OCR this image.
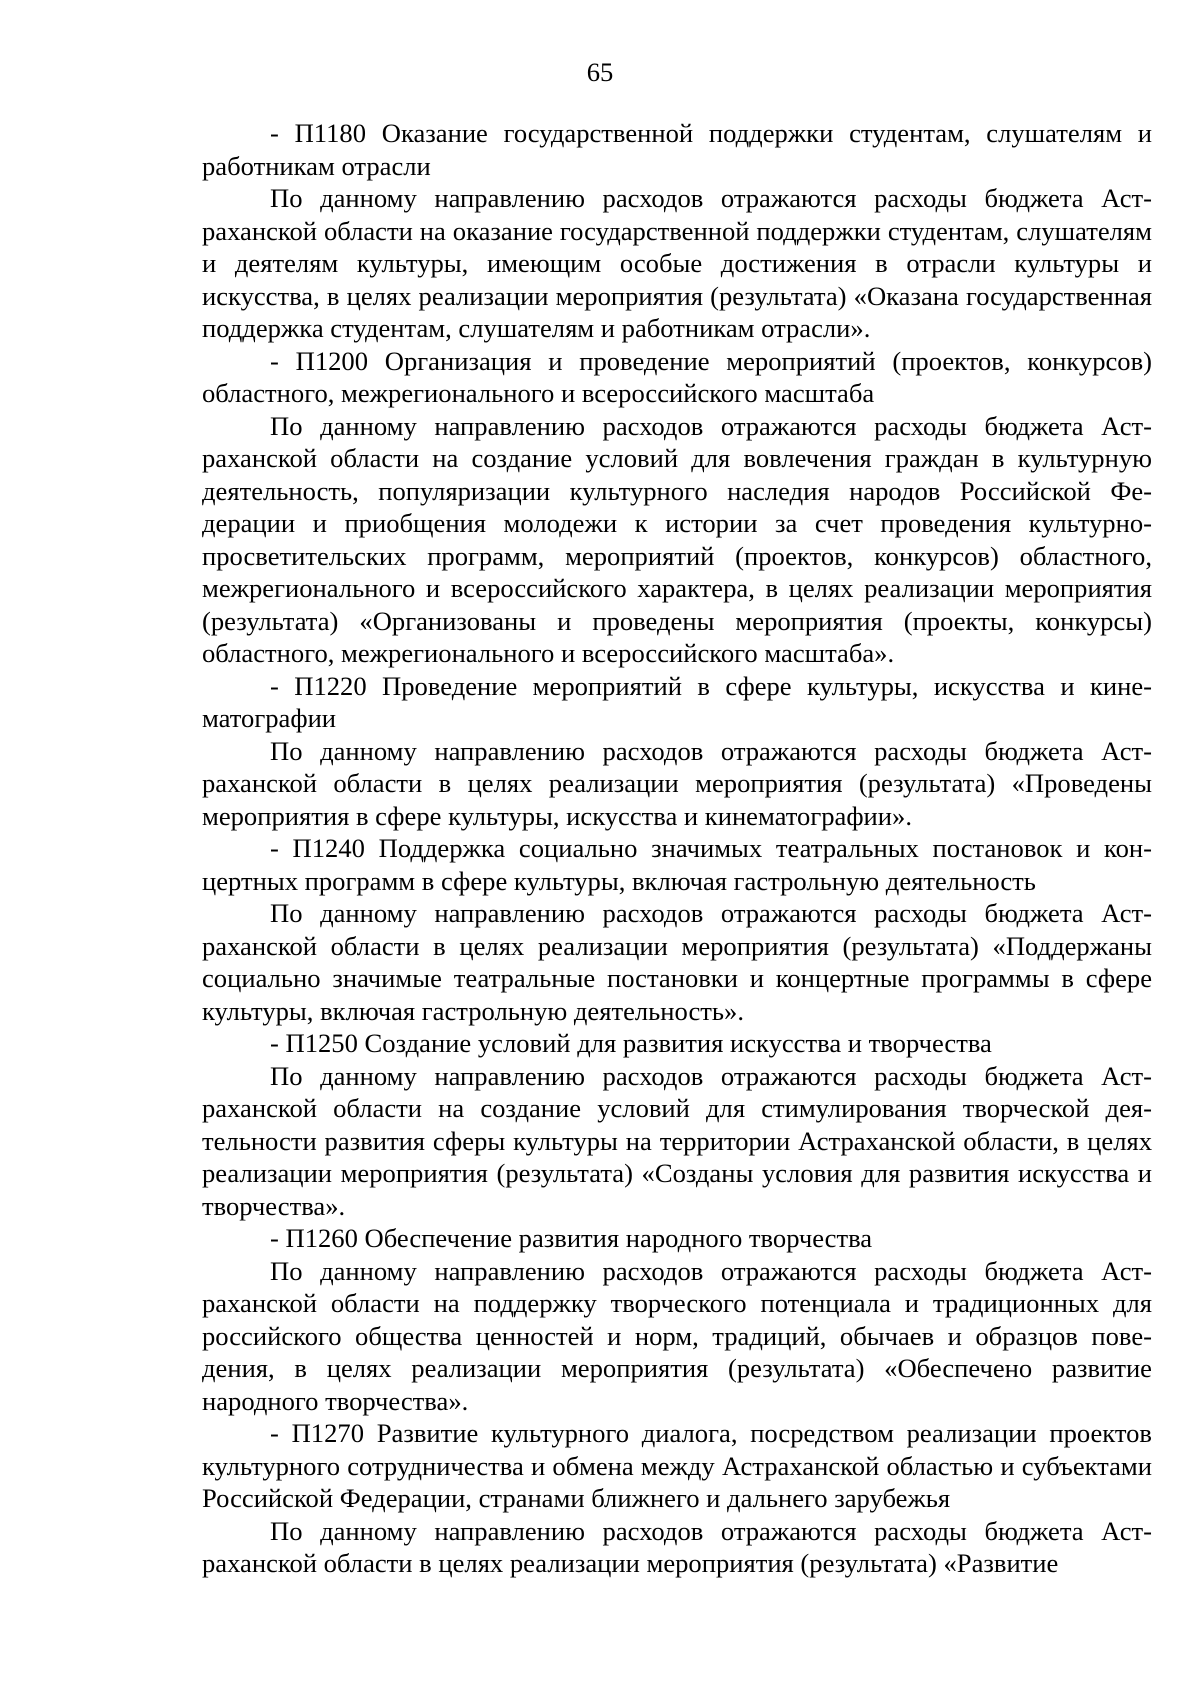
65

- П1180 Оказание государственной поддержки студентам, слушателям и работникам отрасли

По данному направлению расходов отражаются расходы бюджета Астраханской области на оказание государственной поддержки студентам, слушателям и деятелям культуры, имеющим особые достижения в отрасли культуры и искусства, в целях реализации мероприятия (результата) «Оказана государственная поддержка студентам, слушателям и работникам отрасли».

- П1200 Организация и проведение мероприятий (проектов, конкурсов) областного, межрегионального и всероссийского масштаба

По данному направлению расходов отражаются расходы бюджета Астраханской области на создание условий для вовлечения граждан в культурную деятельность, популяризации культурного наследия народов Российской Федерации и приобщения молодежи к истории за счет проведения культурно-просветительских программ, мероприятий (проектов, конкурсов) областного, межрегионального и всероссийского характера, в целях реализации мероприятия (результата) «Организованы и проведены мероприятия (проекты, конкурсы) областного, межрегионального и всероссийского масштаба».

- П1220 Проведение мероприятий в сфере культуры, искусства и кинематографии

По данному направлению расходов отражаются расходы бюджета Астраханской области в целях реализации мероприятия (результата) «Проведены мероприятия в сфере культуры, искусства и кинематографии».

- П1240 Поддержка социально значимых театральных постановок и концертных программ в сфере культуры, включая гастрольную деятельность

По данному направлению расходов отражаются расходы бюджета Астраханской области в целях реализации мероприятия (результата) «Поддержаны социально значимые театральные постановки и концертные программы в сфере культуры, включая гастрольную деятельность».

- П1250 Создание условий для развития искусства и творчества

По данному направлению расходов отражаются расходы бюджета Астраханской области на создание условий для стимулирования творческой деятельности развития сферы культуры на территории Астраханской области, в целях реализации мероприятия (результата) «Созданы условия для развития искусства и творчества».

- П1260 Обеспечение развития народного творчества

По данному направлению расходов отражаются расходы бюджета Астраханской области на поддержку творческого потенциала и традиционных для российского общества ценностей и норм, традиций, обычаев и образцов поведения, в целях реализации мероприятия (результата) «Обеспечено развитие народного творчества».

- П1270 Развитие культурного диалога, посредством реализации проектов культурного сотрудничества и обмена между Астраханской областью и субъектами Российской Федерации, странами ближнего и дальнего зарубежья

По данному направлению расходов отражаются расходы бюджета Астраханской области в целях реализации мероприятия (результата) «Развитие
